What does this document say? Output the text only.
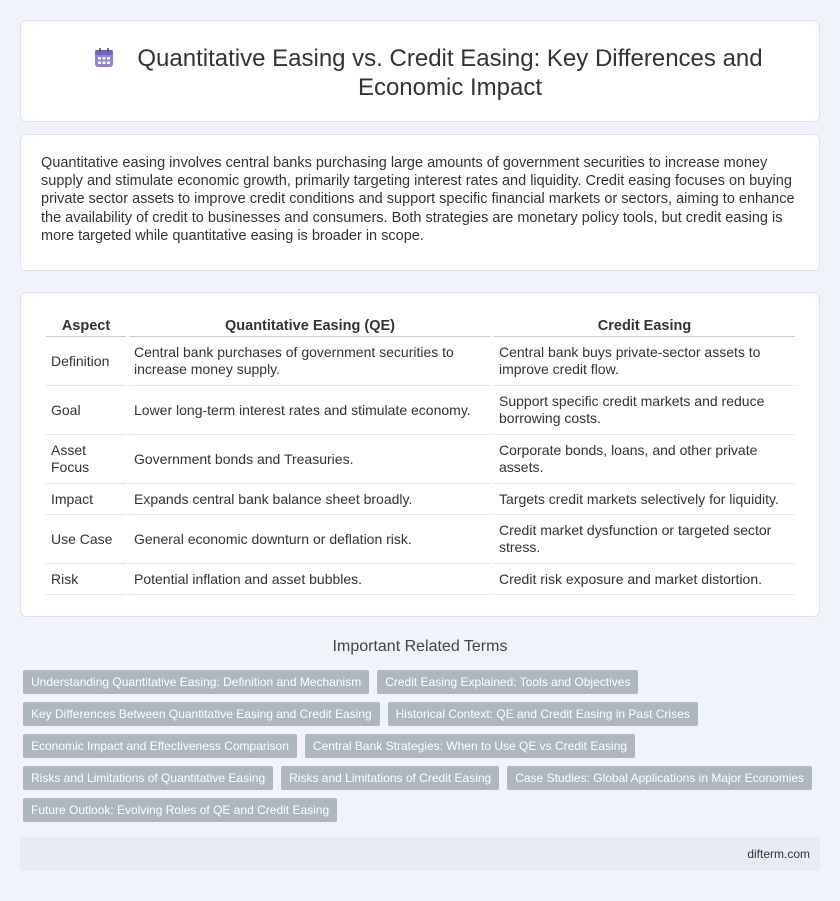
Quantitative Easing vs. Credit Easing: Key Differences and Economic Impact

Quantitative easing involves central banks purchasing large amounts of government securities to increase money supply and stimulate economic growth, primarily targeting interest rates and liquidity. Credit easing focuses on buying private sector assets to improve credit conditions and support specific financial markets or sectors, aiming to enhance the availability of credit to businesses and consumers. Both strategies are monetary policy tools, but credit easing is more targeted while quantitative easing is broader in scope.

Aspect	Quantitative Easing (QE)	Credit Easing
Definition	Central bank purchases of government securities to increase money supply.	Central bank buys private-sector assets to improve credit flow.
Goal	Lower long-term interest rates and stimulate economy.	Support specific credit markets and reduce borrowing costs.
Asset Focus	Government bonds and Treasuries.	Corporate bonds, loans, and other private assets.
Impact	Expands central bank balance sheet broadly.	Targets credit markets selectively for liquidity.
Use Case	General economic downturn or deflation risk.	Credit market dysfunction or targeted sector stress.
Risk	Potential inflation and asset bubbles.	Credit risk exposure and market distortion.
Important Related Terms
Understanding Quantitative Easing: Definition and Mechanism	Credit Easing Explained: Tools and Objectives
Key Differences Between Quantitative Easing and Credit Easing	Historical Context: QE and Credit Easing in Past Crises
Economic Impact and Effectiveness Comparison	Central Bank Strategies: When to Use QE vs Credit Easing
Risks and Limitations of Quantitative Easing	Risks and Limitations of Credit Easing	Case Studies: Global Applications in Major Economies
Future Outlook: Evolving Roles of QE and Credit Easing
difterm.com
